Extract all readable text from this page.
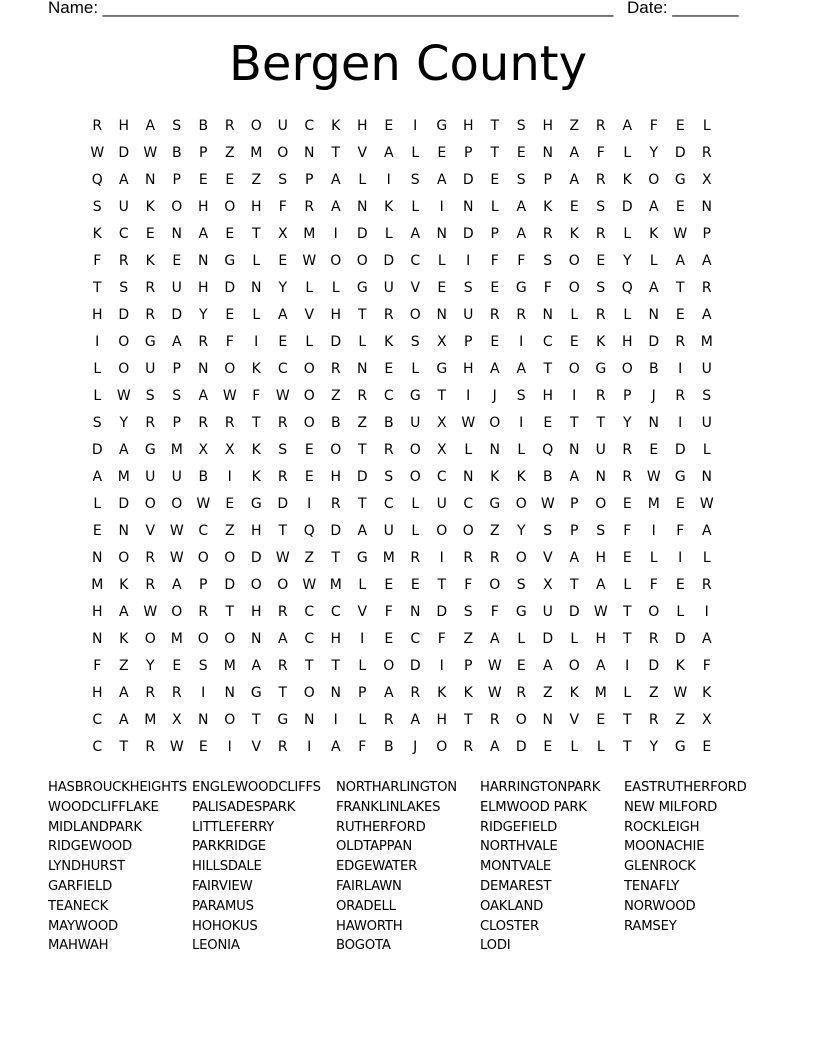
Name: ______________________________________________________ Date: _______
Bergen County
R	H	A	S	B	R	O	U	C	K	H	E	I	G	H	T	S	H	Z	R	A	F	E	L
W	D	W	B	P	Z	M	O	N	T	V	A	L	E	P	T	E	N	A	F	L	Y	D	R
Q	A	N	P	E	E	Z	S	P	A	L	I	S	A	D	E	S	P	A	R	K	O	G	X
S	U	K	O	H	O	H	F	R	A	N	K	L	I	N	L	A	K	E	S	D	A	E	N
K	C	E	N	A	E	T	X	M	I	D	L	A	N	D	P	A	R	K	R	L	K	W	P
F	R	K	E	N	G	L	E	W	O	O	D	C	L	I	F	F	S	O	E	Y	L	A	A
T	S	R	U	H	D	N	Y	L	L	G	U	V	E	S	E	G	F	O	S	Q	A	T	R
H	D	R	D	Y	E	L	A	V	H	T	R	O	N	U	R	R	N	L	R	L	N	E	A
I	O	G	A	R	F	I	E	L	D	L	K	S	X	P	E	I	C	E	K	H	D	R	M
L	O	U	P	N	O	K	C	O	R	N	E	L	G	H	A	A	T	O	G	O	B	I	U
L	W	S	S	A	W	F	W	O	Z	R	C	G	T	I	J	S	H	I	R	P	J	R	S
S	Y	R	P	R	R	T	R	O	B	Z	B	U	X	W	O	I	E	T	T	Y	N	I	U
D	A	G	M	X	X	K	S	E	O	T	R	O	X	L	N	L	Q	N	U	R	E	D	L
A	M	U	U	B	I	K	R	E	H	D	S	O	C	N	K	K	B	A	N	R	W	G	N
L	D	O	O	W	E	G	D	I	R	T	C	L	U	C	G	O	W	P	O	E	M	E	W
E	N	V	W	C	Z	H	T	Q	D	A	U	L	O	O	Z	Y	S	P	S	F	I	F	A
N	O	R	W	O	O	D	W	Z	T	G	M	R	I	R	R	O	V	A	H	E	L	I	L
M	K	R	A	P	D	O	O	W M	L	E	E	T	F	O	S	X	T	A	L	F	E	R
H	A	W	O	R	T	H	R	C	C	V	F	N	D	S	F	G	U	D	W	T	O	L	I
N	K	O	M	O	O	N	A	C	H	I	E	C	F	Z	A	L	D	L	H	T	R	D	A
F	Z	Y	E	S	M	A	R	T	T	L	O	D	I	P	W	E	A	O	A	I	D	K	F
H	A	R	R	I	N	G	T	O	N	P	A	R	K	K	W	R	Z	K	M	L	Z	W	K
C	A	M	X	N	O	T	G	N	I	L	R	A	H	T	R	O	N	V	E	T	R	Z	X
C	T	R	W	E	I	V	R	I	A	F	B	J	O	R	A	D	E	L	L	T	Y	G	E
HASBROUCKHEIGHTS
WOODCLIFFLAKE
MIDLANDPARK
RIDGEWOOD
LYNDHURST
GARFIELD
TEANECK
MAYWOOD
MAHWAH
ENGLEWOODCLIFFS
PALISADESPARK
LITTLEFERRY
PARKRIDGE
HILLSDALE
FAIRVIEW
PARAMUS
HOHOKUS
LEONIA
NORTHARLINGTON
FRANKLINLAKES
RUTHERFORD
OLDTAPPAN
EDGEWATER
FAIRLAWN
ORADELL
HAWORTH
BOGOTA
HARRINGTONPARK
ELMWOOD PARK
RIDGEFIELD
NORTHVALE
MONTVALE
DEMAREST
OAKLAND
CLOSTER
LODI
EASTRUTHERFORD
NEW MILFORD
ROCKLEIGH
MOONACHIE
GLENROCK
TENAFLY
NORWOOD
RAMSEY
